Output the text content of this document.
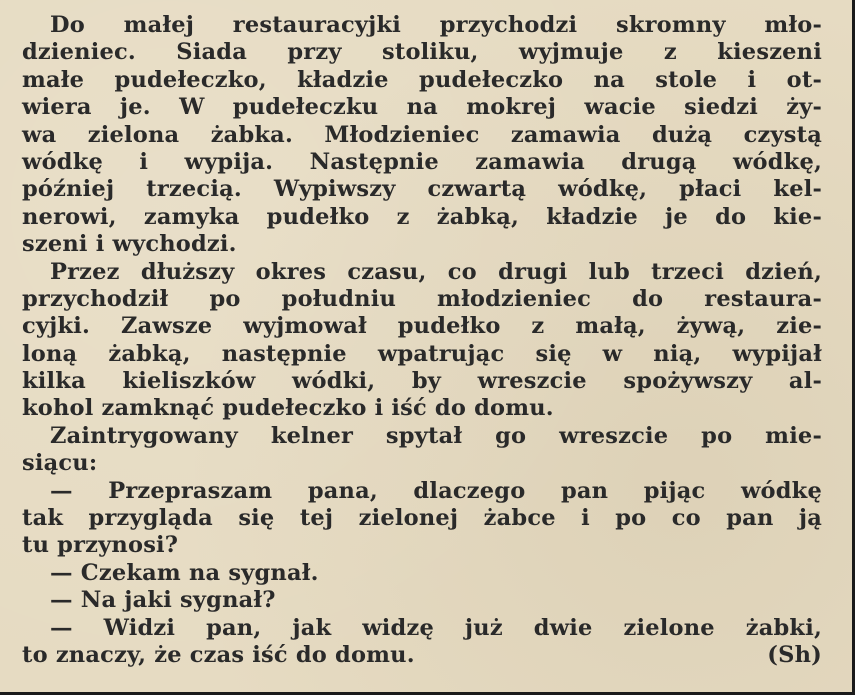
Do małej restauracyjki przychodzi skromny mło-
dzieniec. Siada przy stoliku, wyjmuje z kieszeni
małe pudełeczko, kładzie pudełeczko na stole i ot-
wiera je. W pudełeczku na mokrej wacie siedzi ży-
wa zielona żabka. Młodzieniec zamawia dużą czystą
wódkę i wypija. Następnie zamawia drugą wódkę,
później trzecią. Wypiwszy czwartą wódkę, płaci kel-
nerowi, zamyka pudełko z żabką, kładzie je do kie-
szeni i wychodzi.
Przez dłuższy okres czasu, co drugi lub trzeci dzień,
przychodził po południu młodzieniec do restaura-
cyjki. Zawsze wyjmował pudełko z małą, żywą, zie-
loną żabką, następnie wpatrując się w nią, wypijał
kilka kieliszków wódki, by wreszcie spożywszy al-
kohol zamknąć pudełeczko i iść do domu.
Zaintrygowany kelner spytał go wreszcie po mie-
siącu:
— Przepraszam pana, dlaczego pan pijąc wódkę
tak przygląda się tej zielonej żabce i po co pan ją
tu przynosi?
— Czekam na sygnał.
— Na jaki sygnał?
— Widzi pan, jak widzę już dwie zielone żabki,
to znaczy, że czas iść do domu.	(Sh)
